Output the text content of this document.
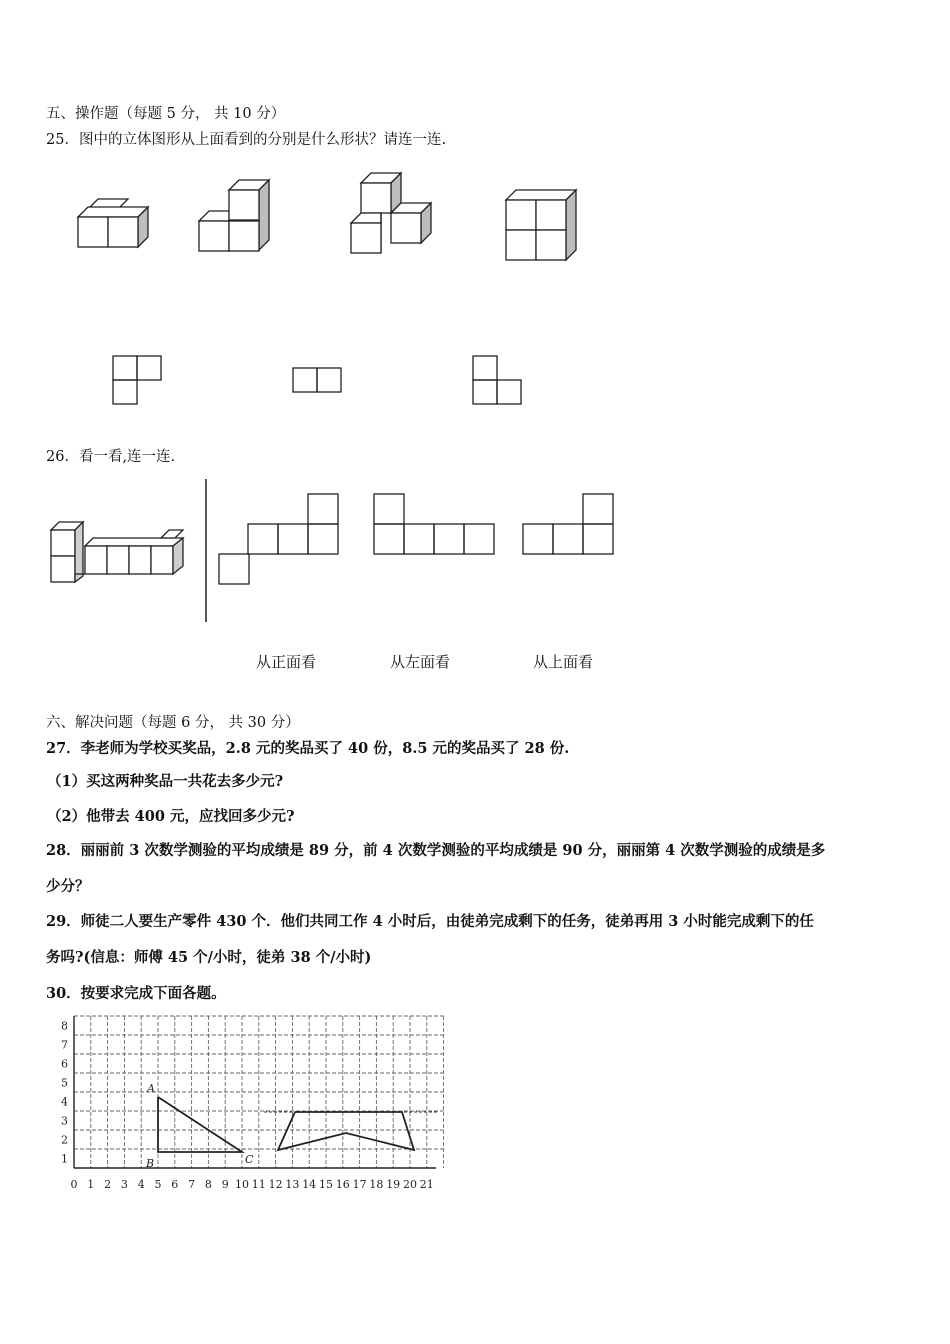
五、操作题（每题 5 分， 共 10 分）
25．图中的立体图形从上面看到的分别是什么形状？请连一连.
26．看一看,连一连.
从正面看	从左面看	从上面看
六、解决问题（每题 6 分， 共 30 分）
27．李老师为学校买奖品，2.8 元的奖品买了 40 份，8.5 元的奖品买了 28 份.
（1）买这两种奖品一共花去多少元?
（2）他带去 400 元，应找回多少元?
28．丽丽前 3 次数学测验的平均成绩是 89 分，前 4 次数学测验的平均成绩是 90 分，丽丽第 4 次数学测验的成绩是多
少分？
29．师徒二人要生产零件 430 个．他们共同工作 4 小时后，由徒弟完成剩下的任务，徒弟再用 3 小时能完成剩下的任
务吗?(信息：师傅 45 个/小时，徒弟 38 个/小时)
30．按要求完成下面各题。
A
B	C
0 1 2 3 4 5 6 7 8 9 10 11 12 13 14 15 16 17 18 19 20 21
1
2
3
4
5
6
7
8
